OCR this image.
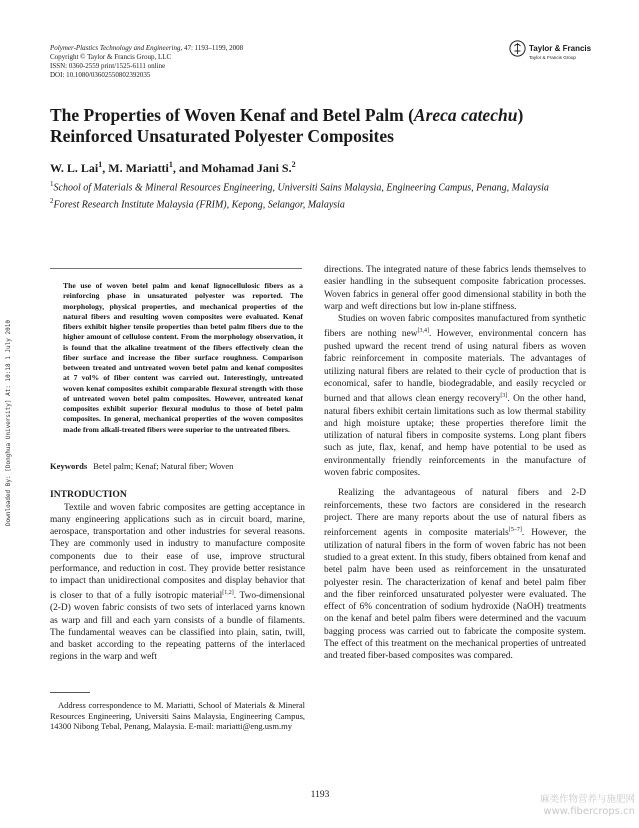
Polymer-Plastics Technology and Engineering, 47: 1193–1199, 2008
Copyright © Taylor & Francis Group, LLC
ISSN: 0360-2559 print/1525-6111 online
DOI: 10.1080/03602550802392035
Taylor & Francis
Taylor & Francis Group
The Properties of Woven Kenaf and Betel Palm (Areca catechu) Reinforced Unsaturated Polyester Composites
W. L. Lai$^1$, M. Mariatti$^1$, and Mohamad Jani S.$^2$
$^1$School of Materials & Mineral Resources Engineering, Universiti Sains Malaysia, Engineering Campus, Penang, Malaysia
$^2$Forest Research Institute Malaysia (FRIM), Kepong, Selangor, Malaysia
The use of woven betel palm and kenaf lignocellulosic fibers as a reinforcing phase in unsaturated polyester was reported. The morphology, physical properties, and mechanical properties of the natural fibers and resulting woven composites were evaluated. Kenaf fibers exhibit higher tensile properties than betel palm fibers due to the higher amount of cellulose content. From the morphology observation, it is found that the alkaline treatment of the fibers effectively clean the fiber surface and increase the fiber surface roughness. Comparison between treated and untreated woven betel palm and kenaf composites at 7 vol% of fiber content was carried out. Interestingly, untreated woven kenaf composites exhibit comparable flexural strength with those of untreated woven betel palm composites. However, untreated kenaf composites exhibit superior flexural modulus to those of betel palm composites. In general, mechanical properties of the woven composites made from alkali-treated fibers were superior to the untreated fibers.
Keywords Betel palm; Kenaf; Natural fiber; Woven
INTRODUCTION

Textile and woven fabric composites are getting acceptance in many engineering applications such as in circuit board, marine, aerospace, transportation and other industries for several reasons. They are commonly used in industry to manufacture composite components due to their ease of use, improve structural performance, and reduction in cost. They provide better resistance to impact than unidirectional composites and display behavior that is closer to that of a fully isotropic material[1,2]. Two-dimensional (2-D) woven fabric consists of two sets of interlaced yarns known as warp and fill and each yarn consists of a bundle of filaments. The fundamental weaves can be classified into plain, satin, twill, and basket according to the repeating patterns of the interlaced regions in the warp and weft

directions. The integrated nature of these fabrics lends themselves to easier handling in the subsequent composite fabrication processes. Woven fabrics in general offer good dimensional stability in both the warp and weft directions but low in-plane stiffness.

Studies on woven fabric composites manufactured from synthetic fibers are nothing new[3,4]. However, environmental concern has pushed upward the recent trend of using natural fibers as woven fabric reinforcement in composite materials. The advantages of utilizing natural fibers are related to their cycle of production that is economical, safer to handle, biodegradable, and easily recycled or burned and that allows clean energy recovery[3]. On the other hand, natural fibers exhibit certain limitations such as low thermal stability and high moisture uptake; these properties therefore limit the utilization of natural fibers in composite systems. Long plant fibers such as jute, flax, kenaf, and hemp have potential to be used as environmentally friendly reinforcements in the manufacture of woven fabric composites.

Realizing the advantageous of natural fibers and 2-D reinforcements, these two factors are considered in the research project. There are many reports about the use of natural fibers as reinforcement agents in composite materials[5–7]. However, the utilization of natural fibers in the form of woven fabric has not been studied to a great extent. In this study, fibers obtained from kenaf and betel palm have been used as reinforcement in the unsaturated polyester resin. The characterization of kenaf and betel palm fiber and the fiber reinforced unsaturated polyester were evaluated. The effect of 6% concentration of sodium hydroxide (NaOH) treatments on the kenaf and betel palm fibers were determined and the vacuum bagging process was carried out to fabricate the composite system. The effect of this treatment on the mechanical properties of untreated and treated fiber-based composites was compared.

Address correspondence to M. Mariatti, School of Materials & Mineral Resources Engineering, Universiti Sains Malaysia, Engineering Campus, 14300 Nibong Tebal, Penang, Malaysia. E-mail: mariatti@eng.usm.my
1193
Downloaded By: [Donghua University] At: 10:18 1 July 2010
麻类作物营养与施肥网
www.fibercrops.cn
